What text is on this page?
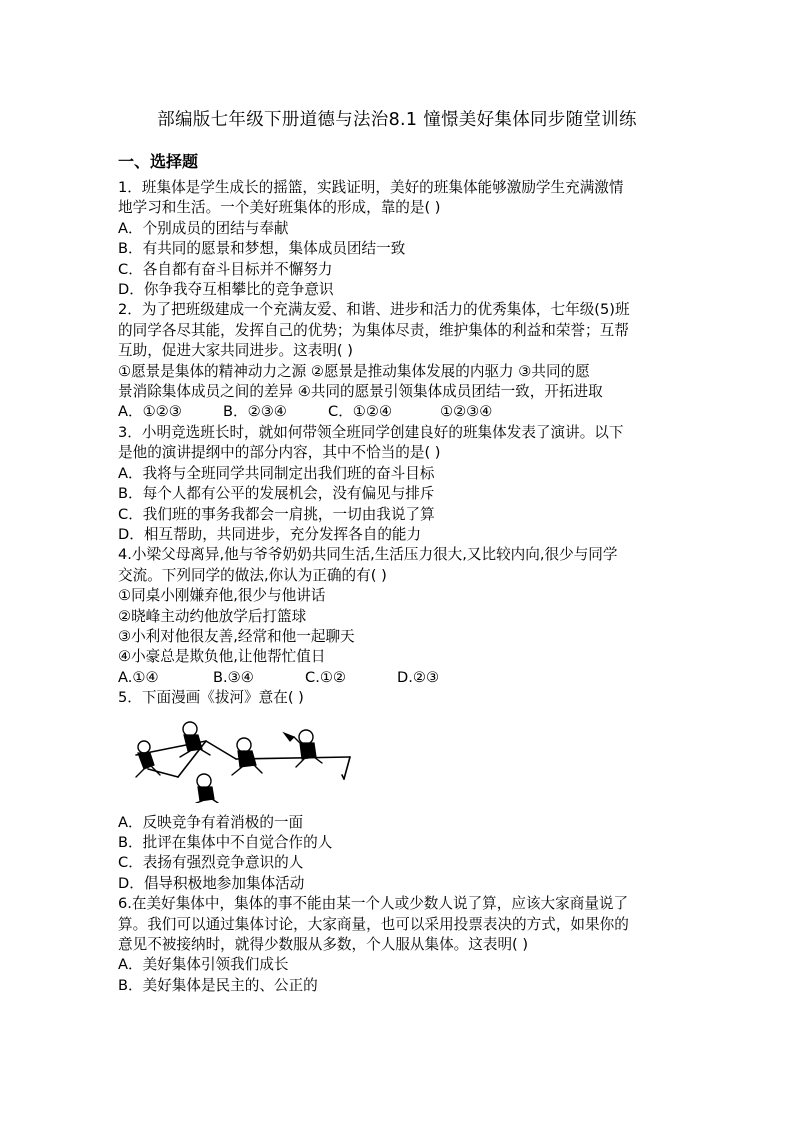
部编版七年级下册道德与法治8.1 憧憬美好集体同步随堂训练
一、选择题

1．班集体是学生成长的摇篮，实践证明，美好的班集体能够激励学生充满激情

地学习和生活。一个美好班集体的形成，靠的是( )

A．个别成员的团结与奉献

B．有共同的愿景和梦想，集体成员团结一致

C．各自都有奋斗目标并不懈努力

D．你争我夺互相攀比的竞争意识

2．为了把班级建成一个充满友爱、和谐、进步和活力的优秀集体，七年级(5)班

的同学各尽其能，发挥自己的优势；为集体尽责，维护集体的利益和荣誉；互帮

互助，促进大家共同进步。这表明( )

①愿景是集体的精神动力之源 ②愿景是推动集体发展的内驱力 ③共同的愿

景消除集体成员之间的差异 ④共同的愿景引领集体成员团结一致，开拓进取

A．①②③	B．②③④	C．①②④	①②③④

3．小明竞选班长时，就如何带领全班同学创建良好的班集体发表了演讲。以下

是他的演讲提纲中的部分内容，其中不恰当的是( )

A．我将与全班同学共同制定出我们班的奋斗目标

B．每个人都有公平的发展机会，没有偏见与排斥

C．我们班的事务我都会一肩挑，一切由我说了算

D．相互帮助，共同进步，充分发挥各自的能力

4.小梁父母离异,他与爷爷奶奶共同生活,生活压力很大,又比较内向,很少与同学

交流。下列同学的做法,你认为正确的有( )

①同桌小刚嫌弃他,很少与他讲话

②晓峰主动约他放学后打篮球

③小利对他很友善,经常和他一起聊天

④小豪总是欺负他,让他帮忙值日

A.①④	B.③④	C.①②	D.②③

5．下面漫画《拔河》意在( )

A．反映竞争有着消极的一面

B．批评在集体中不自觉合作的人

C．表扬有强烈竞争意识的人

D．倡导积极地参加集体活动

6.在美好集体中，集体的事不能由某一个人或少数人说了算，应该大家商量说了

算。我们可以通过集体讨论，大家商量，也可以采用投票表决的方式，如果你的

意见不被接纳时，就得少数服从多数，个人服从集体。这表明( )

A．美好集体引领我们成长

B．美好集体是民主的、公正的
